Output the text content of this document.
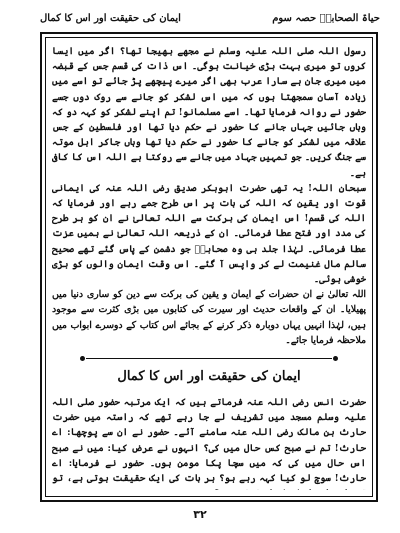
حیاۃ الصحابہؓ حصہ سوم
ایمان کی حقیقت اور اس کا کمال

رسول اللہ صلی اللہ علیہ وسلم نے مجھے بھیجا تھا؟ اگر میں ایسا کروں تو میری بہت بڑی خیانت ہوگی۔ اس ذات کی قسم جس کے قبضہ میں میری جان ہے سارا عرب بھی اگر میرے پیچھے پڑ جائے تو اسے میں زیادہ آسان سمجھتا ہوں کہ میں اس لشکر کو جانے سے روک دوں جسے حضور نے روانہ فرمایا تھا۔ اسے مسلمانو! تم اپنے لشکر کو کہہ دو کہ وہاں جائیں جہاں جانے کا حضور نے حکم دیا تھا اور فلسطین کے جس علاقہ میں لشکر کو جانے کا حضور نے حکم دیا تھا وہاں جاکر اہل موتہ سے جنگ کریں۔ جو تمہیں جہاد میں جانے سے روکتا ہے اللہ اس کا کافی ہے۔

سبحان اللہ! یہ تھی حضرت ابوبکر صدیق رضی اللہ عنہ کی ایمانی قوت اور یقین کہ اللہ کی بات پر اس طرح جمے رہے اور فرمایا کہ اللہ کی قسم! اس ایمان کی برکت سے اللہ تعالیٰ نے ان کو ہر طرح کی مدد اور فتح عطا فرمائی۔ ان کے ذریعہ اللہ تعالیٰ نے ہمیں عزت عطا فرمائی۔ لہٰذا جلد ہی وہ صحابہؓ جو دشمن کے پاس گئے تھے صحیح سالم مال غنیمت لے کر واپس آ گئے۔ اس وقت ایمان والوں کو بڑی خوشی ہوئی۔

اللہ تعالیٰ نے ان حضرات کے ایمان و یقین کی برکت سے دین کو ساری دنیا میں پھیلایا۔ ان کے واقعات حدیث اور سیرت کی کتابوں میں بڑی کثرت سے موجود ہیں، لہٰذا انہیں یہاں دوبارہ ذکر کرنے کے بجائے اس کتاب کے دوسرے ابواب میں ملاحظہ فرمایا جائے۔

ایمان کی حقیقت اور اس کا کمال

حضرت انس رضی اللہ عنہ فرماتے ہیں کہ ایک مرتبہ حضور صلی اللہ علیہ وسلم مسجد میں تشریف لے جا رہے تھے کہ راستہ میں حضرت حارث بن مالک رضی اللہ عنہ سامنے آئے۔ حضور نے ان سے پوچھا: اے حارث! تم نے صبح کس حال میں کی؟ انہوں نے عرض کیا: میں نے صبح اس حال میں کی کہ میں سچا پکا مومن ہوں۔ حضور نے فرمایا: اے حارث! سوچ لو کیا کہہ رہے ہو؟ ہر بات کی ایک حقیقت ہوتی ہے، تو

۳۲
